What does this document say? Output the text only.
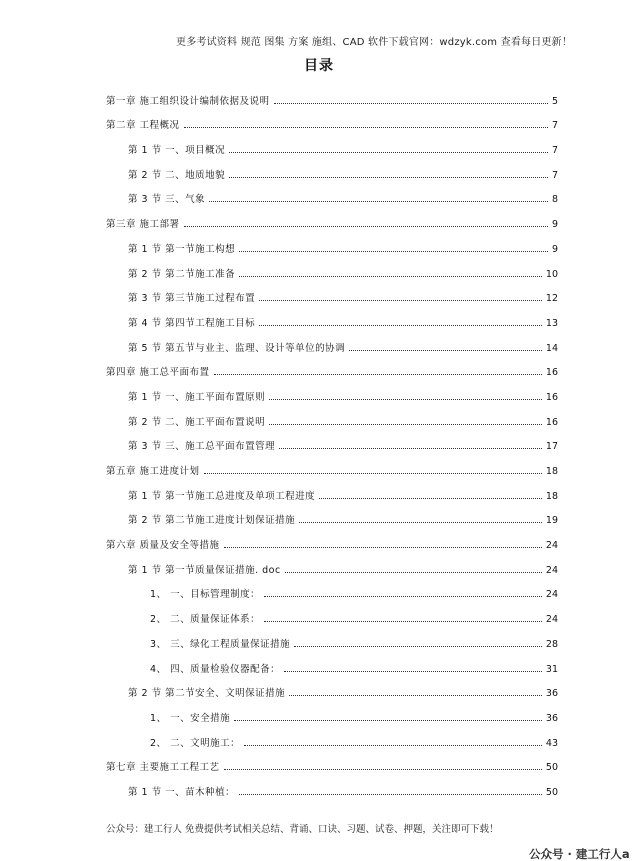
更多考试资料 规范 图集 方案 施组、CAD 软件下载官网：wdzyk.com 查看每日更新！
目录
第一章 施工组织设计编制依据及说明	5
第二章 工程概况	7
第 1 节 一、项目概况	7
第 2 节 二、地质地貌	7
第 3 节 三、气象	8
第三章 施工部署	9
第 1 节 第一节施工构想	9
第 2 节 第二节施工准备	10
第 3 节 第三节施工过程布置	12
第 4 节 第四节工程施工目标	13
第 5 节 第五节与业主、监理、设计等单位的协调	14
第四章 施工总平面布置	16
第 1 节 一、施工平面布置原则	16
第 2 节 二、施工平面布置说明	16
第 3 节 三、施工总平面布置管理	17
第五章 施工进度计划	18
第 1 节 第一节施工总进度及单项工程进度	18
第 2 节 第二节施工进度计划保证措施	19
第六章 质量及安全等措施	24
第 1 节 第一节质量保证措施. doc	24
1、 一、目标管理制度：	24
2、 二、质量保证体系：	24
3、 三、绿化工程质量保证措施	28
4、 四、质量检验仪器配备：	31
第 2 节 第二节安全、文明保证措施	36
1、 一、安全措施	36
2、 二、文明施工：	43
第七章 主要施工工程工艺	50
第 1 节 一、苗木种植：	50
公众号：建工行人 免费提供考试相关总结、背诵、口诀、习题、试卷、押题，关注即可下载！
公众号 · 建工行人a
